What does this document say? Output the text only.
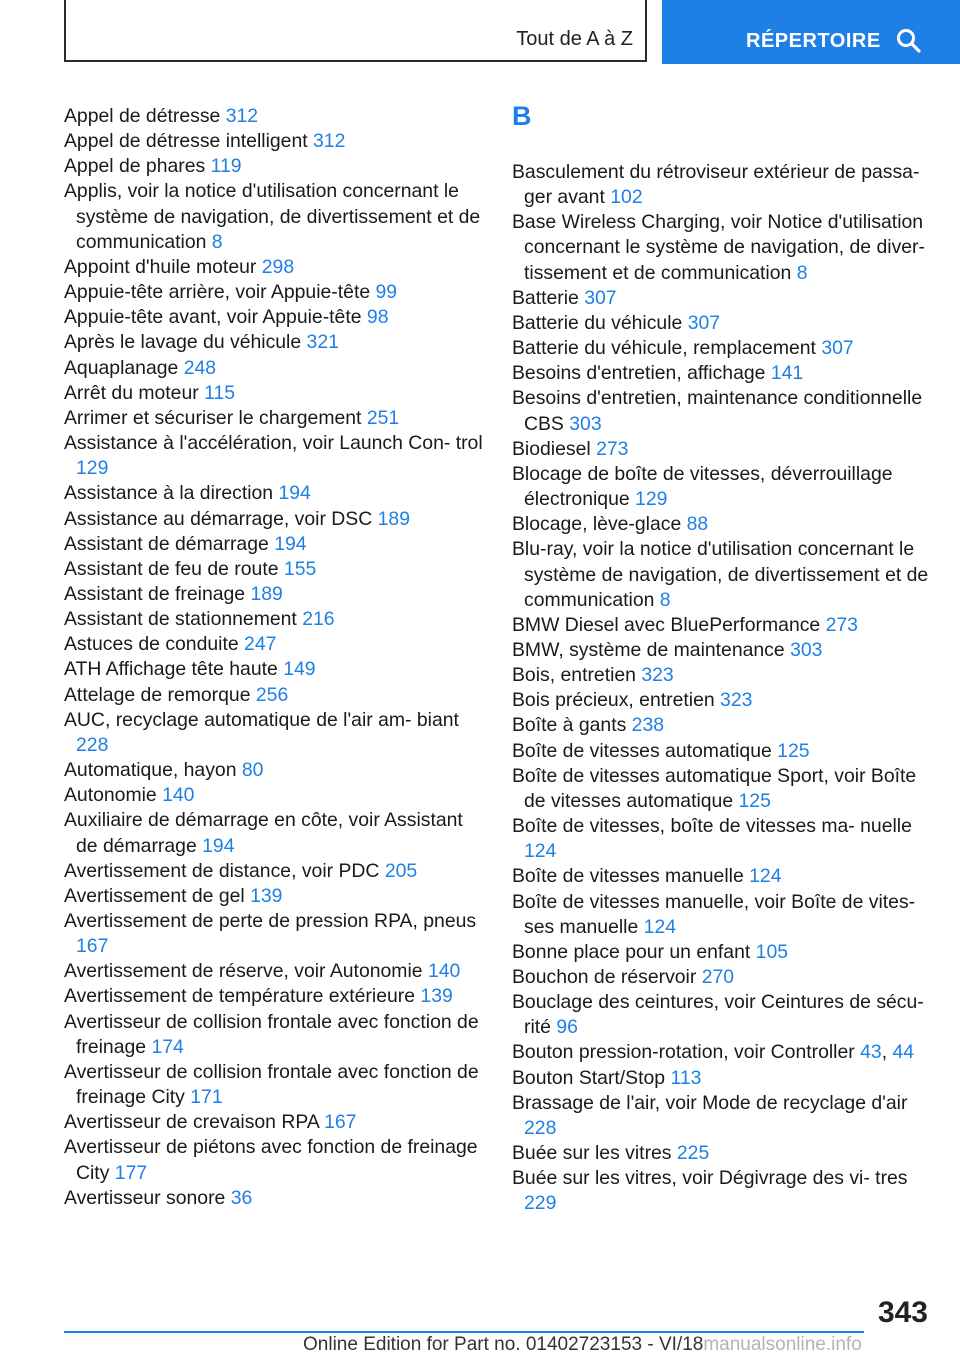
Tout de A à Z	RÉPERTOIRE
Appel de détresse 312
Appel de détresse intelligent 312
Appel de phares 119
Applis, voir la notice d'utilisation concernant le système de navigation, de divertissement et de communication 8
Appoint d'huile moteur 298
Appuie-tête arrière, voir Appuie-tête 99
Appuie-tête avant, voir Appuie-tête 98
Après le lavage du véhicule 321
Aquaplanage 248
Arrêt du moteur 115
Arrimer et sécuriser le chargement 251
Assistance à l'accélération, voir Launch Con‐ trol 129
Assistance à la direction 194
Assistance au démarrage, voir DSC 189
Assistant de démarrage 194
Assistant de feu de route 155
Assistant de freinage 189
Assistant de stationnement 216
Astuces de conduite 247
ATH Affichage tête haute 149
Attelage de remorque 256
AUC, recyclage automatique de l'air am‐ biant 228
Automatique, hayon 80
Autonomie 140
Auxiliaire de démarrage en côte, voir Assistant de démarrage 194
Avertissement de distance, voir PDC 205
Avertissement de gel 139
Avertissement de perte de pression RPA, pneus 167
Avertissement de réserve, voir Autonomie 140
Avertissement de température extérieure 139
Avertisseur de collision frontale avec fonction de freinage 174
Avertisseur de collision frontale avec fonction de freinage City 171
Avertisseur de crevaison RPA 167
Avertisseur de piétons avec fonction de freinage City 177
Avertisseur sonore 36
B
Basculement du rétroviseur extérieur de passa‐ ger avant 102
Base Wireless Charging, voir Notice d'utilisation concernant le système de navigation, de diver‐ tissement et de communication 8
Batterie 307
Batterie du véhicule 307
Batterie du véhicule, remplacement 307
Besoins d'entretien, affichage 141
Besoins d'entretien, maintenance conditionnelle CBS 303
Biodiesel 273
Blocage de boîte de vitesses, déverrouillage électronique 129
Blocage, lève-glace 88
Blu-ray, voir la notice d'utilisation concernant le système de navigation, de divertissement et de communication 8
BMW Diesel avec BluePerformance 273
BMW, système de maintenance 303
Bois, entretien 323
Bois précieux, entretien 323
Boîte à gants 238
Boîte de vitesses automatique 125
Boîte de vitesses automatique Sport, voir Boîte de vitesses automatique 125
Boîte de vitesses, boîte de vitesses ma‐ nuelle 124
Boîte de vitesses manuelle 124
Boîte de vitesses manuelle, voir Boîte de vites‐ ses manuelle 124
Bonne place pour un enfant 105
Bouchon de réservoir 270
Bouclage des ceintures, voir Ceintures de sécu‐ rité 96
Bouton pression-rotation, voir Controller 43, 44
Bouton Start/Stop 113
Brassage de l'air, voir Mode de recyclage d'air 228
Buée sur les vitres 225
Buée sur les vitres, voir Dégivrage des vi‐ tres 229
343
Online Edition for Part no. 01402723153 - VI/18manualsonline.info
